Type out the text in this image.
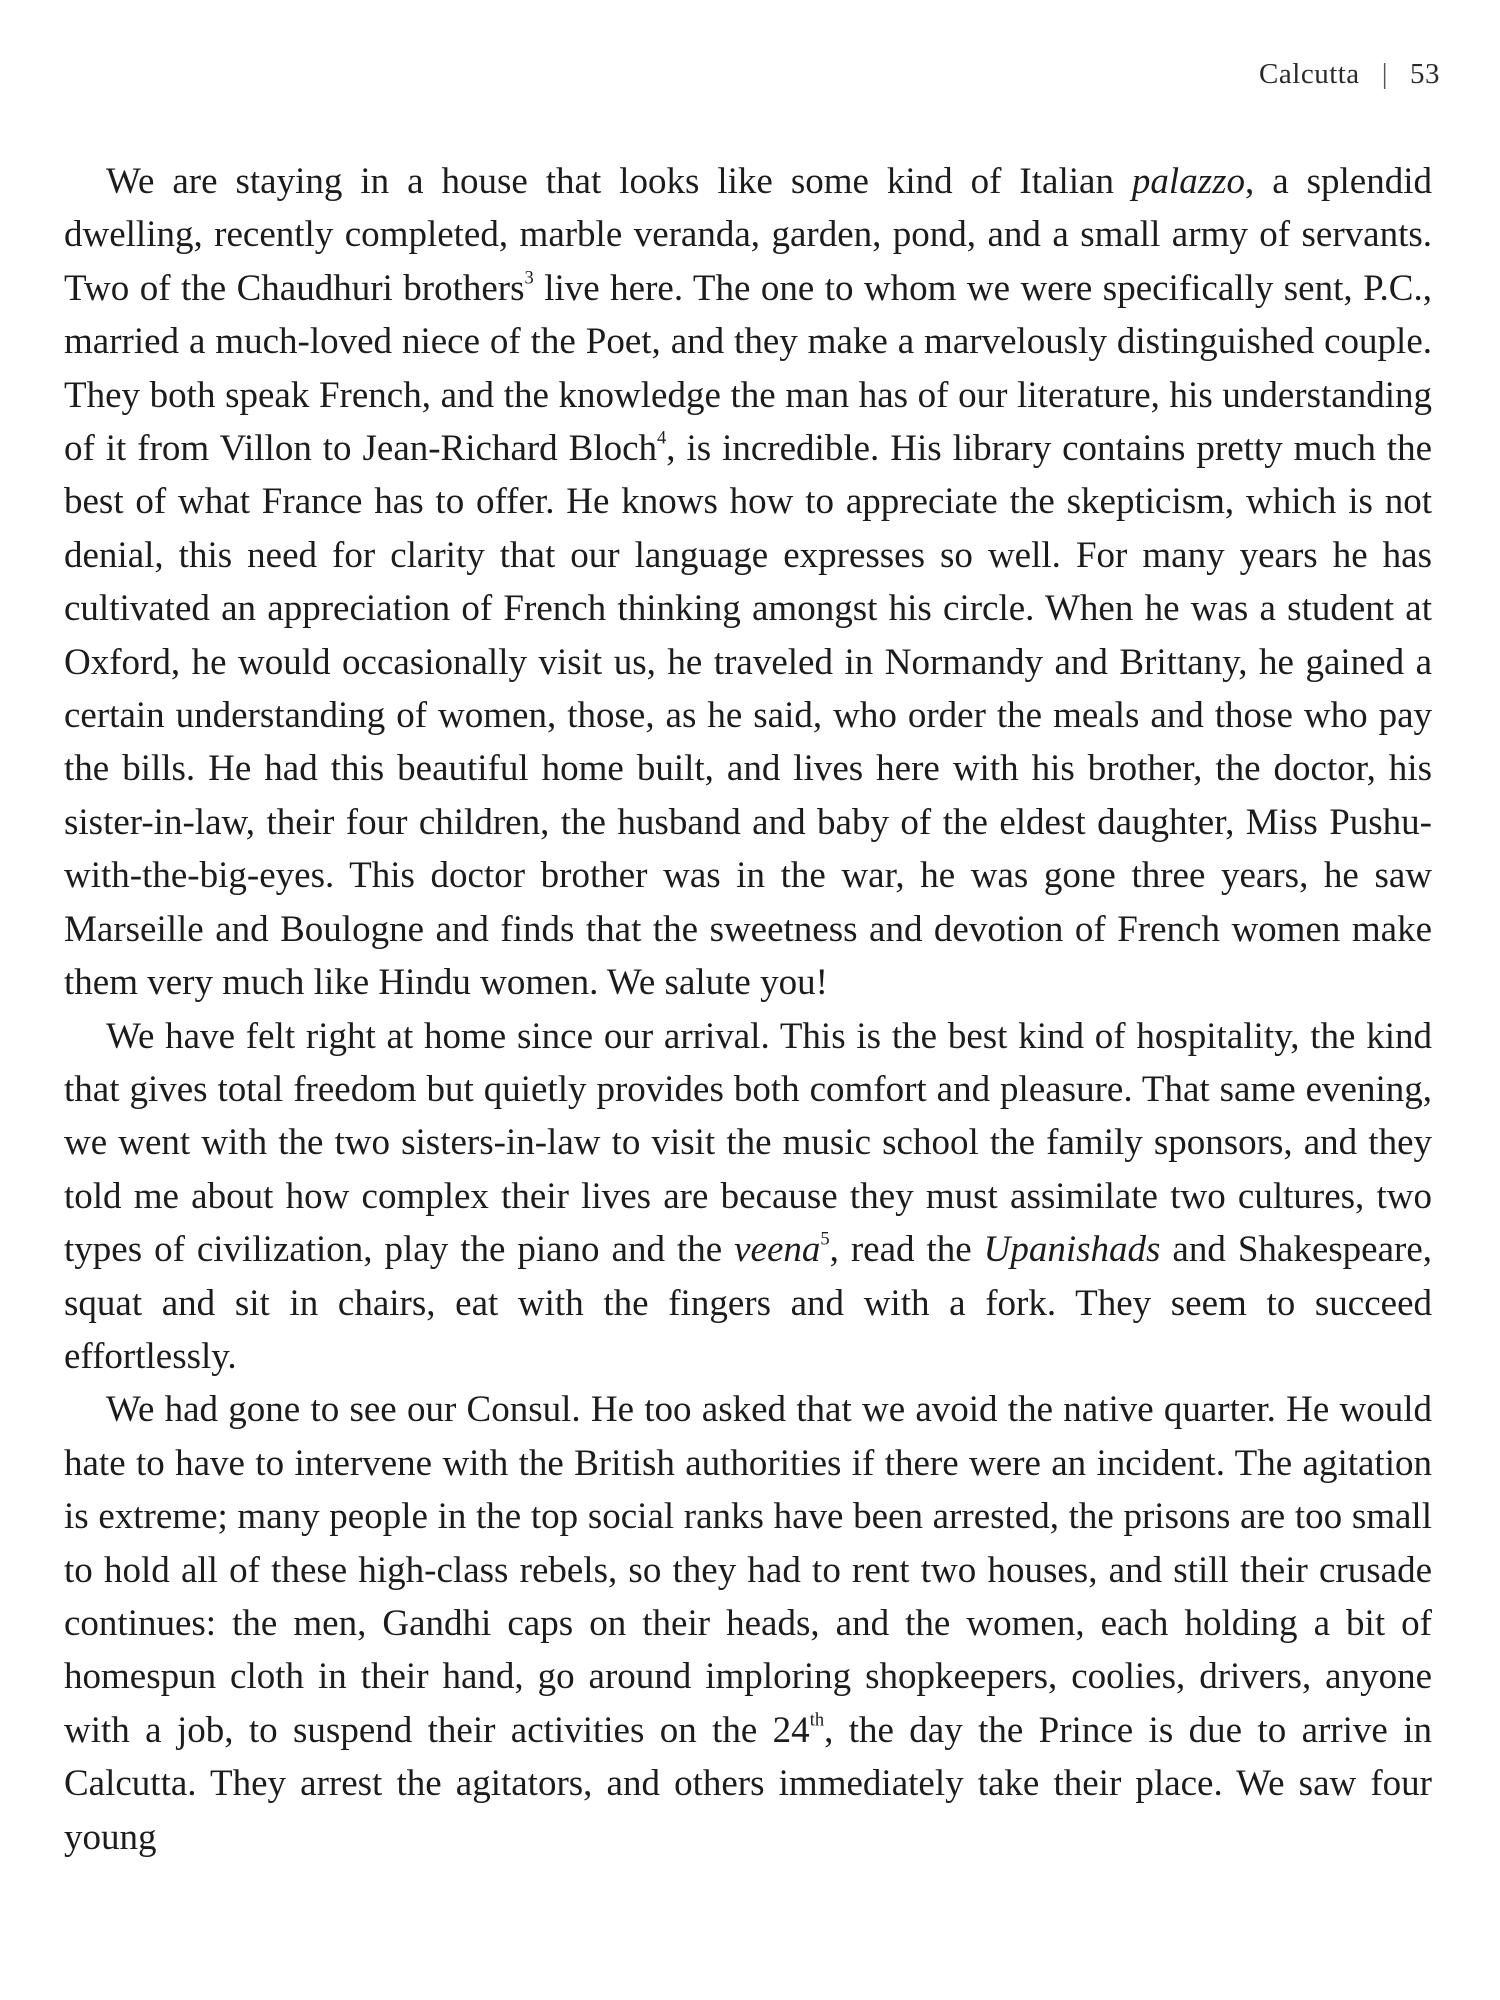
Calcutta | 53

We are staying in a house that looks like some kind of Italian palazzo, a splendid dwelling, recently completed, marble veranda, garden, pond, and a small army of servants. Two of the Chaudhuri brothers$^3$ live here. The one to whom we were specifically sent, P.C., married a much-loved niece of the Poet, and they make a marvelously distinguished couple. They both speak French, and the knowledge the man has of our literature, his understanding of it from Villon to Jean-Richard Bloch$^4$, is incredible. His library contains pretty much the best of what France has to offer. He knows how to appreciate the skepticism, which is not denial, this need for clarity that our language expresses so well. For many years he has cultivated an appreciation of French thinking amongst his circle. When he was a student at Oxford, he would occasionally visit us, he traveled in Normandy and Brittany, he gained a certain understanding of women, those, as he said, who order the meals and those who pay the bills. He had this beautiful home built, and lives here with his brother, the doctor, his sister-in-law, their four children, the husband and baby of the eldest daughter, Miss Pushu-with-the-big-eyes. This doctor brother was in the war, he was gone three years, he saw Marseille and Boulogne and finds that the sweetness and devotion of French women make them very much like Hindu women. We salute you!

We have felt right at home since our arrival. This is the best kind of hospitality, the kind that gives total freedom but quietly provides both comfort and pleasure. That same evening, we went with the two sisters-in-law to visit the music school the family sponsors, and they told me about how complex their lives are because they must assimilate two cultures, two types of civilization, play the piano and the veena$^5$, read the Upanishads and Shakespeare, squat and sit in chairs, eat with the fingers and with a fork. They seem to succeed effortlessly.

We had gone to see our Consul. He too asked that we avoid the native quarter. He would hate to have to intervene with the British authorities if there were an incident. The agitation is extreme; many people in the top social ranks have been arrested, the prisons are too small to hold all of these high-class rebels, so they had to rent two houses, and still their crusade continues: the men, Gandhi caps on their heads, and the women, each holding a bit of homespun cloth in their hand, go around imploring shopkeepers, coolies, drivers, anyone with a job, to suspend their activities on the 24th, the day the Prince is due to arrive in Calcutta. They arrest the agitators, and others immediately take their place. We saw four young
